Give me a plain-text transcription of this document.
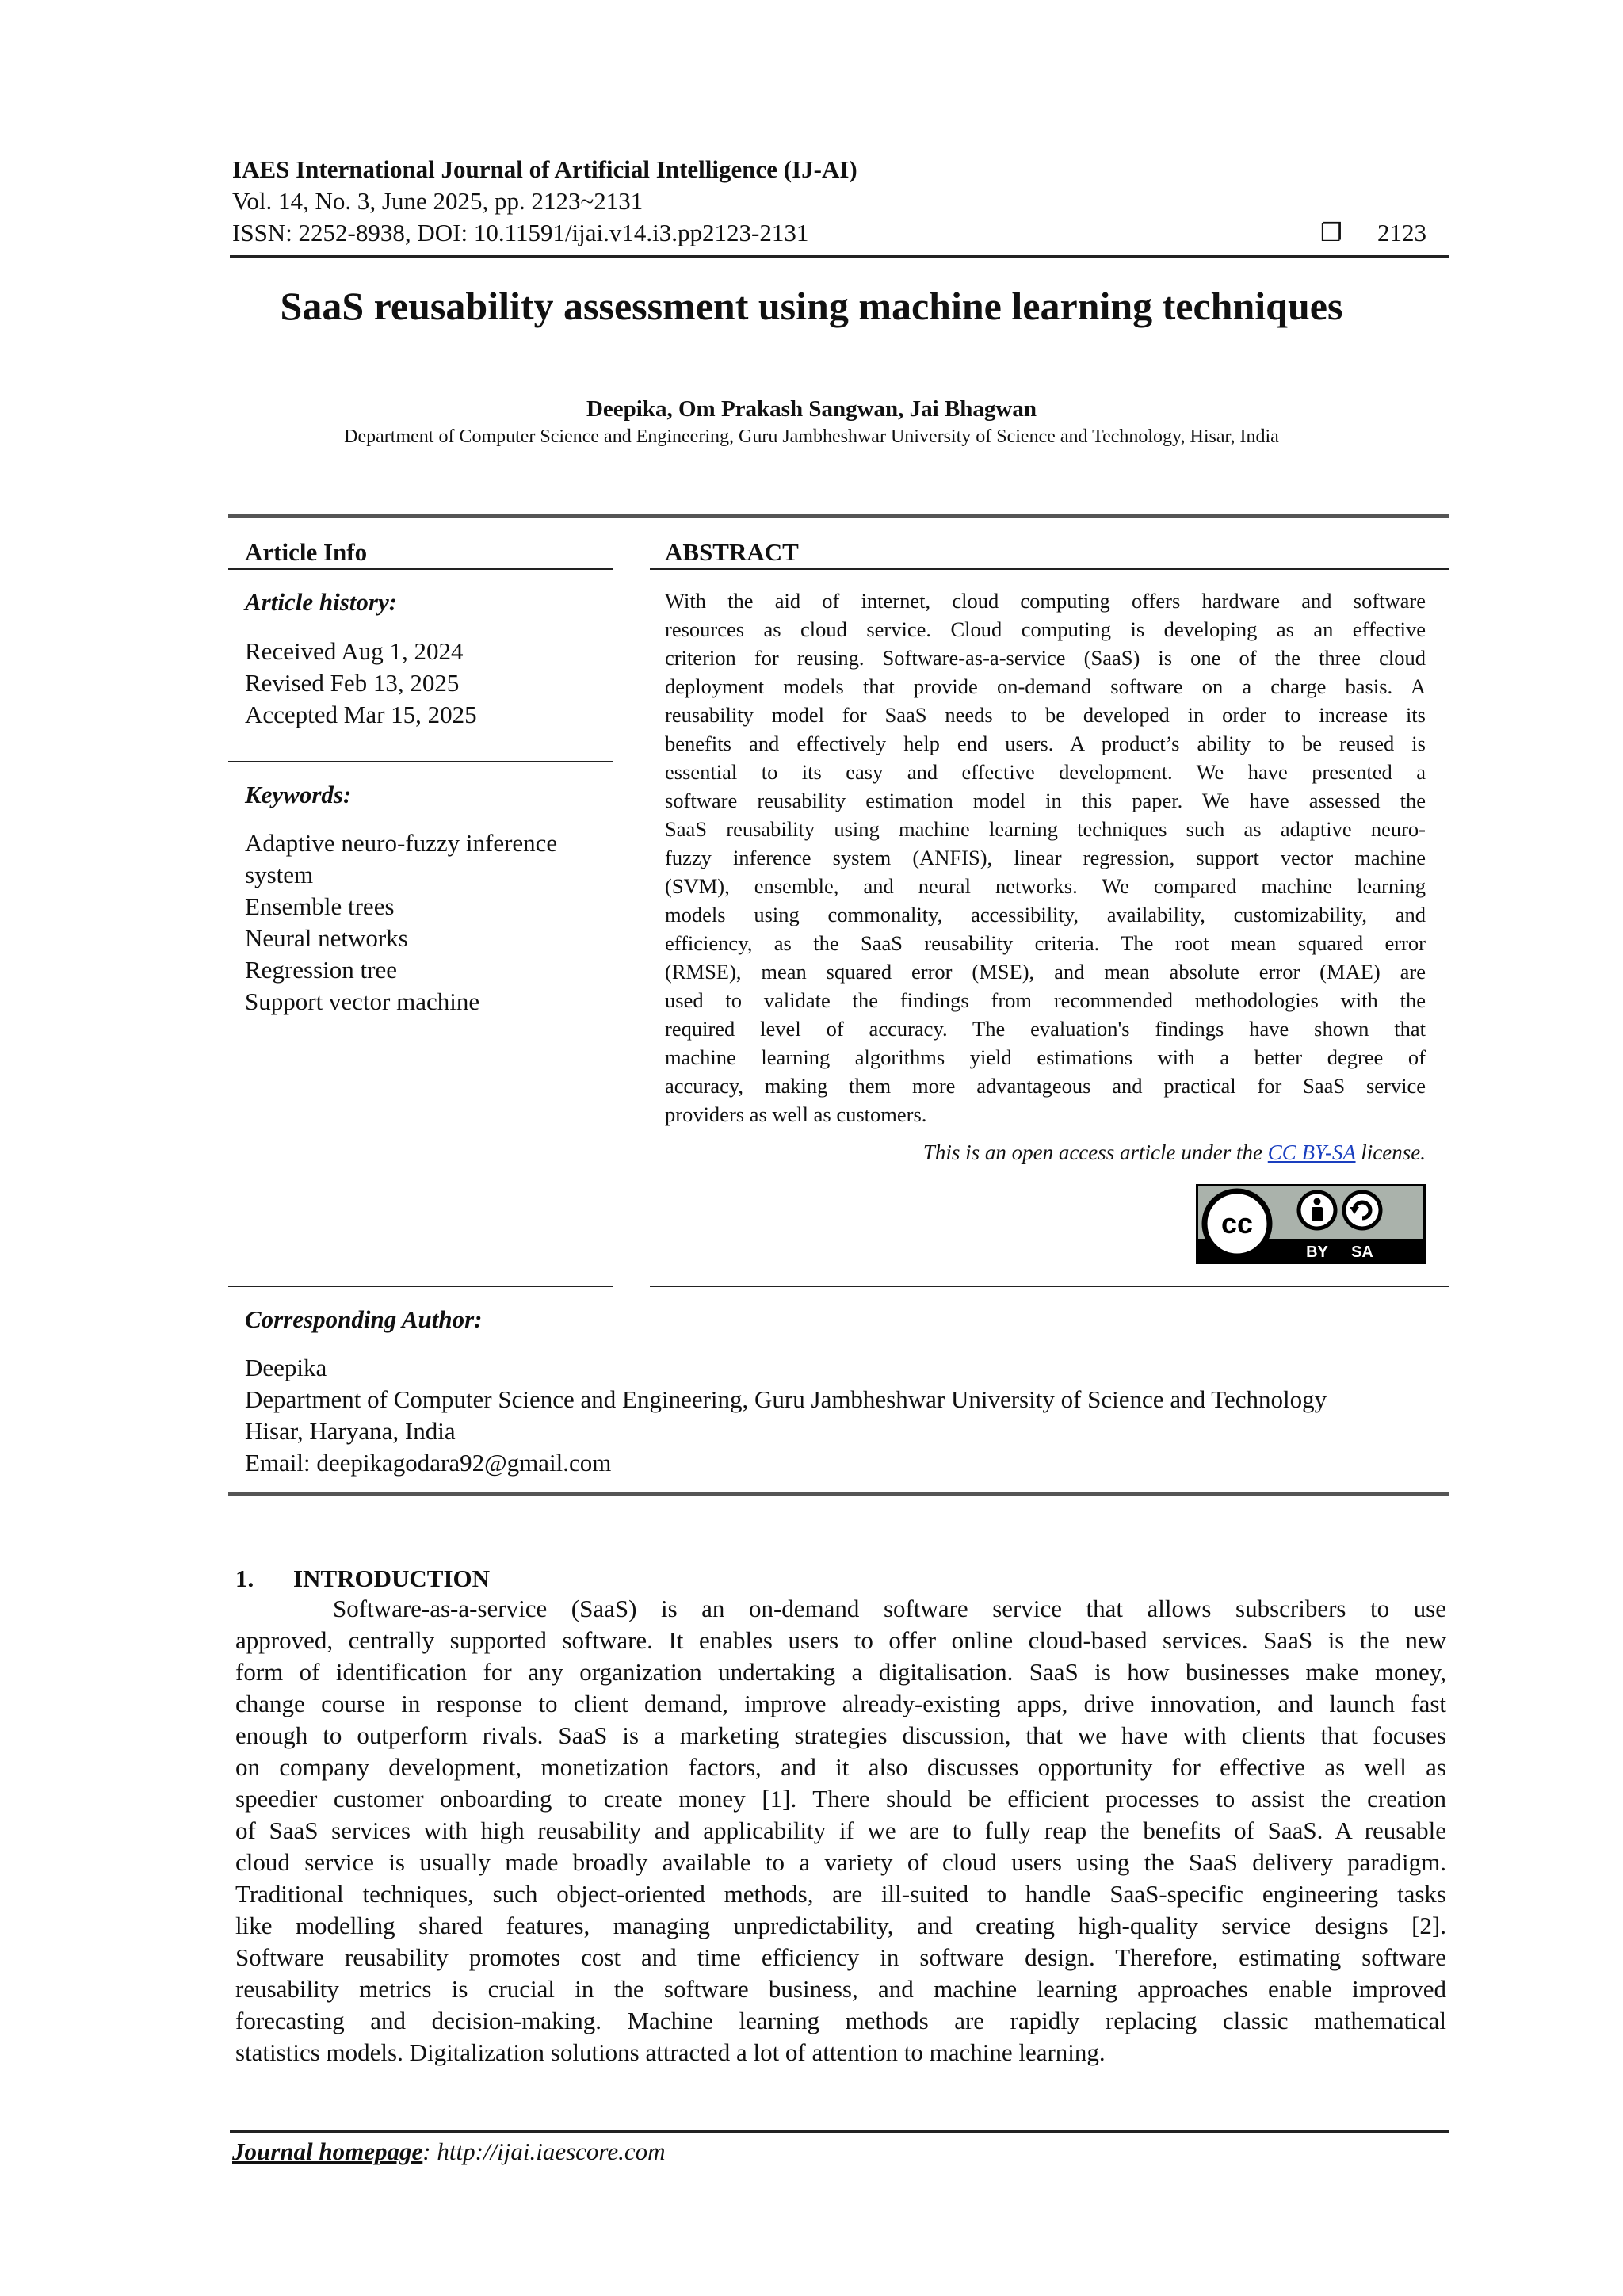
IAES International Journal of Artificial Intelligence (IJ-AI)
Vol. 14, No. 3, June 2025, pp. 2123~2131
ISSN: 2252-8938, DOI: 10.11591/ijai.v14.i3.pp2123-2131	❐ 2123
SaaS reusability assessment using machine learning techniques
Deepika, Om Prakash Sangwan, Jai Bhagwan
Department of Computer Science and Engineering, Guru Jambheshwar University of Science and Technology, Hisar, India
Article Info
Article history:
Received Aug 1, 2024
Revised Feb 13, 2025
Accepted Mar 15, 2025
Keywords:
Adaptive neuro-fuzzy inference
system
Ensemble trees
Neural networks
Regression tree
Support vector machine
ABSTRACT
With the aid of internet, cloud computing offers hardware and software
resources as cloud service. Cloud computing is developing as an effective
criterion for reusing. Software-as-a-service (SaaS) is one of the three cloud
deployment models that provide on-demand software on a charge basis. A
reusability model for SaaS needs to be developed in order to increase its
benefits and effectively help end users. A product’s ability to be reused is
essential to its easy and effective development. We have presented a
software reusability estimation model in this paper. We have assessed the
SaaS reusability using machine learning techniques such as adaptive neuro-
fuzzy inference system (ANFIS), linear regression, support vector machine
(SVM), ensemble, and neural networks. We compared machine learning
models using commonality, accessibility, availability, customizability, and
efficiency, as the SaaS reusability criteria. The root mean squared error
(RMSE), mean squared error (MSE), and mean absolute error (MAE) are
used to validate the findings from recommended methodologies with the
required level of accuracy. The evaluation's findings have shown that
machine learning algorithms yield estimations with a better degree of
accuracy, making them more advantageous and practical for SaaS service
providers as well as customers.
This is an open access article under the CC BY-SA license.
cc
BY SA
Corresponding Author:
Deepika
Department of Computer Science and Engineering, Guru Jambheshwar University of Science and Technology
Hisar, Haryana, India
Email: deepikagodara92@gmail.com
1. INTRODUCTION
Software-as-a-service (SaaS) is an on-demand software service that allows subscribers to use
approved, centrally supported software. It enables users to offer online cloud-based services. SaaS is the new
form of identification for any organization undertaking a digitalisation. SaaS is how businesses make money,
change course in response to client demand, improve already-existing apps, drive innovation, and launch fast
enough to outperform rivals. SaaS is a marketing strategies discussion, that we have with clients that focuses
on company development, monetization factors, and it also discusses opportunity for effective as well as
speedier customer onboarding to create money [1]. There should be efficient processes to assist the creation
of SaaS services with high reusability and applicability if we are to fully reap the benefits of SaaS. A reusable
cloud service is usually made broadly available to a variety of cloud users using the SaaS delivery paradigm.
Traditional techniques, such object-oriented methods, are ill-suited to handle SaaS-specific engineering tasks
like modelling shared features, managing unpredictability, and creating high-quality service designs [2].
Software reusability promotes cost and time efficiency in software design. Therefore, estimating software
reusability metrics is crucial in the software business, and machine learning approaches enable improved
forecasting and decision-making. Machine learning methods are rapidly replacing classic mathematical
statistics models. Digitalization solutions attracted a lot of attention to machine learning.
Journal homepage: http://ijai.iaescore.com
